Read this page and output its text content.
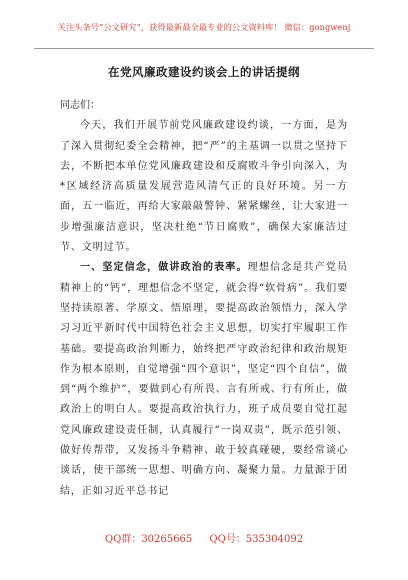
关注头条号“公文研究”，获得最新最全最专业的公文资料库！ 微信：gongwenj
在党风廉政建设约谈会上的讲话提纲

同志们：

今天，我们开展节前党风廉政建设约谈，一方面，是为了深入贯彻纪委全会精神，把“严”的主基调一以贯之坚持下去，不断把本单位党风廉政建设和反腐败斗争引向深入，为*区域经济高质量发展营造风清气正的良好环境。另一方面，五一临近，再给大家敲敲警钟、紧紧螺丝，让大家进一步增强廉洁意识，坚决杜绝“节日腐败”，确保大家廉洁过节、文明过节。

一、坚定信念，做讲政治的表率。理想信念是共产党员精神上的“钙”，理想信念不坚定，就会得“软骨病”。我们要坚持读原著、学原文、悟原理，要提高政治领悟力，深入学习习近平新时代中国特色社会主义思想，切实打牢履职工作基础。要提高政治判断力，始终把严守政治纪律和政治规矩作为根本原则，自觉增强“四个意识”，坚定“四个自信”，做到“两个维护”，要做到心有所畏、言有所戒、行有所止，做政治上的明白人。要提高政治执行力，班子成员要自觉扛起党风廉政建设责任制，认真履行“一岗双责”，既示范引领、做好传帮带，又发扬斗争精神、敢于较真碰硬，要经常谈心谈话，使干部统一思想、明确方向、凝聚力量。力量源于团结，正如习近平总书记

QQ群：30265665 QQ号：535304092
